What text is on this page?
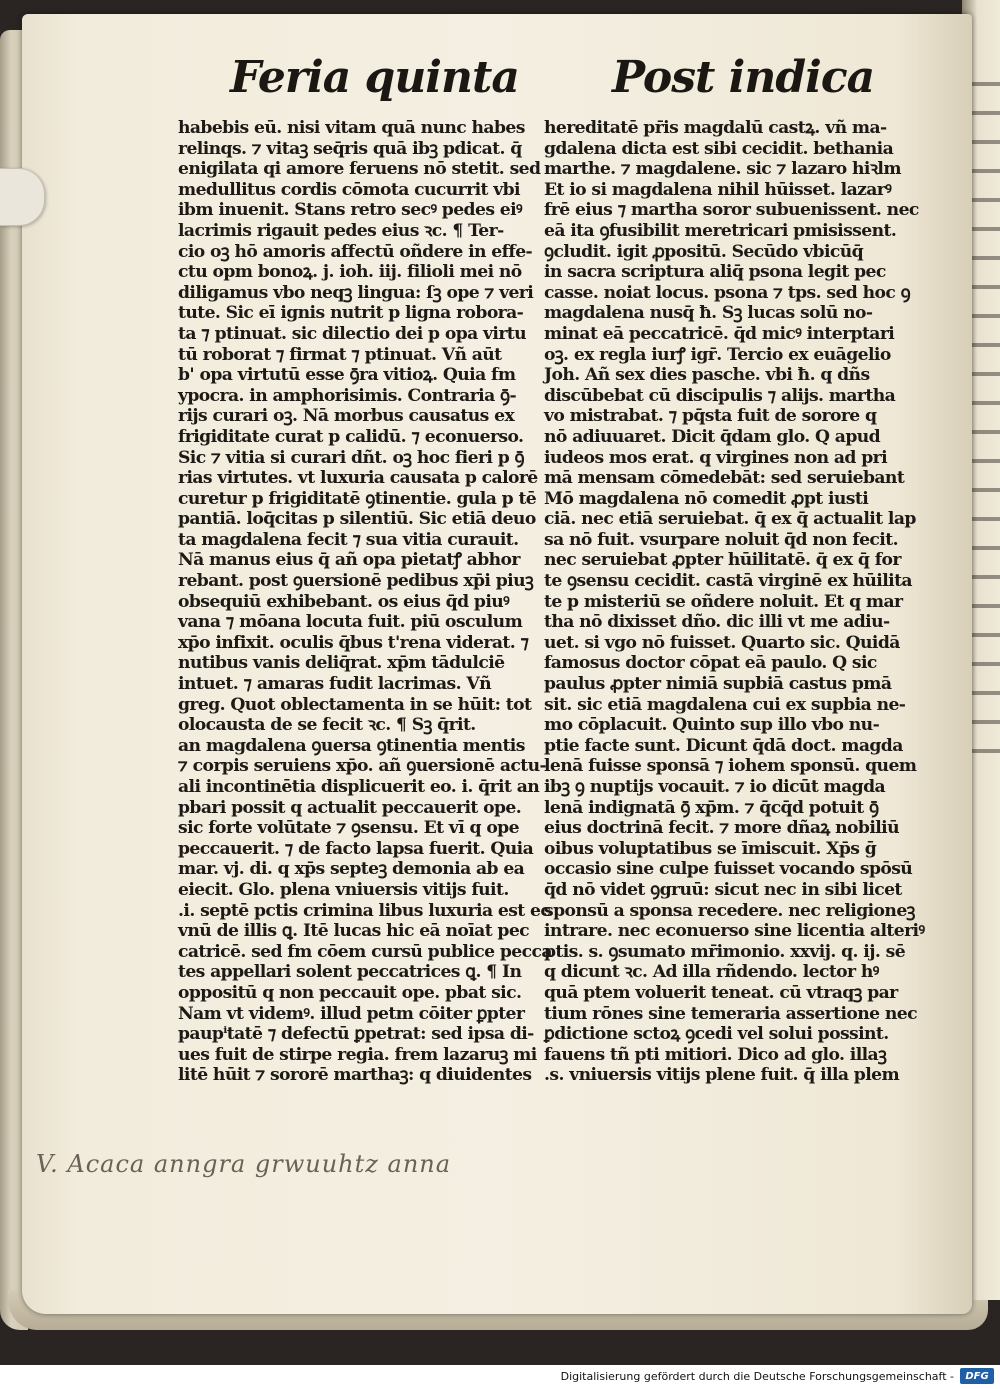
Feria quinta Post indica
habebis eū. nisi vitam quā nunc habes
relinqs. ⁊ vitaꝫ seq̄ris quā ibꝫ pdicat. q̄
enigilata qi amore feruens nō stetit. sed
medullitus cordis cōmota cucurrit vbi
ibm inuenit. Stans retro secꝰ pedes eiꝰ
lacrimis rigauit pedes eius ꝛc. ¶ Ter-
cio oꝫ hō amoris affectū oñdere in effe-
ctu opm bonoꝝ. j. ioh. iij. filioli mei nō
diligamus vbo neqꝫ lingua: ſꝫ ope ⁊ veri
tute. Sic eī ignis nutrit p ligna robora-
ta ⁊ ptinuat. sic dilectio dei p opa virtu
tū roborat ⁊ firmat ⁊ ptinuat. Vñ aūt
b' opa virtutū esse ꝯ̄ra vitioꝝ. Quia fm
ypocra. in amphorisimis. Contraria ꝯ̄-
rijs curari oꝫ. Nā morbus causatus ex
frigiditate curat p calidū. ⁊ econuerso.
Sic ⁊ vitia si curari dñt. oꝫ hoc fieri p ꝯ̄
rias virtutes. vt luxuria causata p calorē
curetur p frigiditatē ꝯtinentie. gula p tē
pantiā. loq̄citas p silentiū. Sic etiā deuo
ta magdalena fecit ⁊ sua vitia curauit.
Nā manus eius q̄ añ opa pietatꝭ abhor
rebant. post ꝯuersionē pedibus xp̄i piuꝫ
obsequiū exhibebant. os eius q̄d piuꝰ
vana ⁊ mōana locuta fuit. piū osculum
xp̄o infixit. oculis q̄bus t'rena viderat. ⁊
nutibus vanis deliq̄rat. xp̄m tādulciē
intuet. ⁊ amaras fudit lacrimas. Vñ
greg. Quot oblectamenta in se hūit: tot
olocausta de se fecit ꝛc. ¶ Sꝫ q̄rit.
an magdalena ꝯuersa ꝯtinentia mentis
⁊ corpis seruiens xp̄o. añ ꝯuersionē actu-
ali incontinētia displicuerit eo. i. q̄rit an
pbari possit q actualit peccauerit ope.
sic forte volūtate ⁊ ꝯsensu. Et vī q ope
peccauerit. ⁊ de facto lapsa fuerit. Quia
mar. vj. di. q xp̄s septeꝫ demonia ab ea
eiecit. Glo. plena vniuersis vitijs fuit.
.i. septē pctis crimina libus luxuria est ec
vnū de illis ꝗ. Itē lucas hic eā noīat pec
catricē. sed fm cōem cursū publice pecca
tes appellari solent peccatrices ꝗ. ¶ In
oppositū q non peccauit ope. pbat sic.
Nam vt videmꝰ. illud petm cōiter ꝑpter
paupⁱtatē ⁊ defectū ꝑpetrat: sed ipsa di-
ues fuit de stirpe regia. frem lazaruꝫ mi
litē hūit ⁊ sororē marthaꝫ: q diuidentes
hereditatē pr̄is magdalū castꝝ. vñ ma-
gdalena dicta est sibi cecidit. bethania
marthe. ⁊ magdalene. sic ⁊ lazaro hiꝛlm
Et io si magdalena nihil hūisset. lazarꝰ
frē eius ⁊ martha soror subuenissent. nec
eā ita ꝯfusibilit meretricari pmisissent.
ꝯcludit. igit ꝓpositū. Secūdo vbicūq̄
in sacra scriptura aliq̄ psona legit pec
casse. noiat locus. psona ⁊ tps. sed hoc ꝯ
magdalena nusq̄ ħ. Sꝫ lucas solū no-
minat eā peccatricē. q̄d micꝰ interptari
oꝫ. ex regla iurꝭ igr̄. Tercio ex euāgelio
Joh. Añ sex dies pasche. vbi ħ. q dñs
discūbebat cū discipulis ⁊ alijs. martha
vo mistrabat. ⁊ pq̄sta fuit de sorore q
nō adiuuaret. Dicit q̄dam glo. Q apud
iudeos mos erat. q virgines non ad pri
mā mensam cōmedebāt: sed seruiebant
Mō magdalena nō comedit ꝓpt iusti
ciā. nec etiā seruiebat. q̄ ex q̄ actualit lap
sa nō fuit. vsurpare noluit q̄d non fecit.
nec seruiebat ꝓpter hūilitatē. q̄ ex q̄ for
te ꝯsensu cecidit. castā virginē ex hūilita
te p misteriū se oñdere noluit. Et q mar
tha nō dixisset dño. dic illi vt me adiu-
uet. si vgo nō fuisset. Quarto sic. Quidā
famosus doctor cōpat eā paulo. Q sic
paulus ꝓpter nimiā supbiā castus pmā
sit. sic etiā magdalena cui ex supbia ne-
mo cōplacuit. Quinto sup illo vbo nu-
ptie facte sunt. Dicunt q̄dā doct. magda
lenā fuisse sponsā ⁊ iohem sponsū. quem
ibꝫ ꝯ nuptijs vocauit. ⁊ io dicūt magda
lenā indignatā ꝯ̄ xp̄m. ⁊ q̄cq̄d potuit ꝯ̄
eius doctrinā fecit. ⁊ more dñaꝝ nobiliū
oibus voluptatibus se īmiscuit. Xp̄s ḡ
occasio sine culpe fuisset vocando spōsū
q̄d nō videt ꝯgruū: sicut nec in sibi licet
sponsū a sponsa recedere. nec religioneꝫ
intrare. nec econuerso sine licentia alteriꝰ
ptis. s. ꝯsumato mr̄imonio. xxvij. q. ij. sē
q dicunt ꝛc. Ad illa rñdendo. lector hꝰ
quā ptem voluerit teneat. cū vtraqꝫ par
tium rōnes sine temeraria assertione nec
ꝑdictione sctoꝝ ꝯcedi vel solui possint.
fauens tñ pti mitiori. Dico ad glo. illaꝫ
.s. vniuersis vitijs plene fuit. q̄ illa plem
V. Acaca anngra grwuuhtz anna
Digitalisierung gefördert durch die Deutsche Forschungsgemeinschaft -	DFG
